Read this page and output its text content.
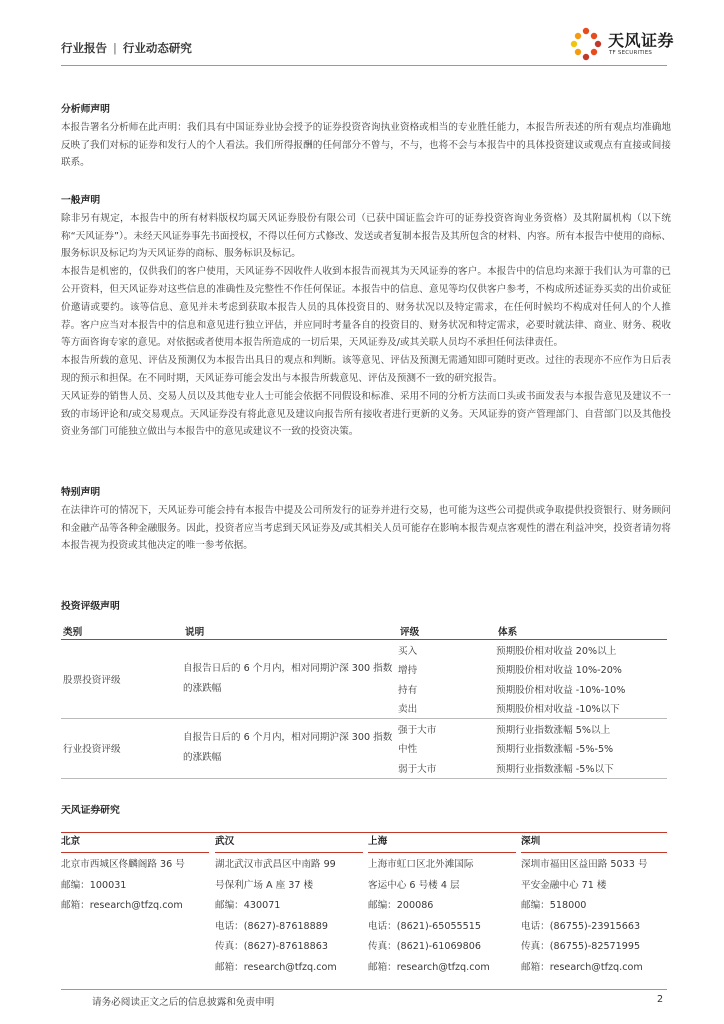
行业报告 | 行业动态研究	天风证券
TF SECURITIES
分析师声明

本报告署名分析师在此声明：我们具有中国证券业协会授予的证券投资咨询执业资格或相当的专业胜任能力，本报告所表述的所有观点均准确地反映了我们对标的证券和发行人的个人看法。我们所得报酬的任何部分不曾与，不与，也将不会与本报告中的具体投资建议或观点有直接或间接联系。

一般声明

除非另有规定，本报告中的所有材料版权均属天风证券股份有限公司（已获中国证监会许可的证券投资咨询业务资格）及其附属机构（以下统称“天风证券”）。未经天风证券事先书面授权，不得以任何方式修改、发送或者复制本报告及其所包含的材料、内容。所有本报告中使用的商标、服务标识及标记均为天风证券的商标、服务标识及标记。

本报告是机密的，仅供我们的客户使用，天风证券不因收件人收到本报告而视其为天风证券的客户。本报告中的信息均来源于我们认为可靠的已公开资料，但天风证券对这些信息的准确性及完整性不作任何保证。本报告中的信息、意见等均仅供客户参考，不构成所述证券买卖的出价或征价邀请或要约。该等信息、意见并未考虑到获取本报告人员的具体投资目的、财务状况以及特定需求，在任何时候均不构成对任何人的个人推荐。客户应当对本报告中的信息和意见进行独立评估，并应同时考量各自的投资目的、财务状况和特定需求，必要时就法律、商业、财务、税收等方面咨询专家的意见。对依据或者使用本报告所造成的一切后果，天风证券及/或其关联人员均不承担任何法律责任。

本报告所载的意见、评估及预测仅为本报告出具日的观点和判断。该等意见、评估及预测无需通知即可随时更改。过往的表现亦不应作为日后表现的预示和担保。在不同时期，天风证券可能会发出与本报告所载意见、评估及预测不一致的研究报告。

天风证券的销售人员、交易人员以及其他专业人士可能会依据不同假设和标准、采用不同的分析方法而口头或书面发表与本报告意见及建议不一致的市场评论和/或交易观点。天风证券没有将此意见及建议向报告所有接收者进行更新的义务。天风证券的资产管理部门、自营部门以及其他投资业务部门可能独立做出与本报告中的意见或建议不一致的投资决策。

特别声明

在法律许可的情况下，天风证券可能会持有本报告中提及公司所发行的证券并进行交易，也可能为这些公司提供或争取提供投资银行、财务顾问和金融产品等各种金融服务。因此，投资者应当考虑到天风证券及/或其相关人员可能存在影响本报告观点客观性的潜在利益冲突，投资者请勿将本报告视为投资或其他决定的唯一参考依据。

投资评级声明
类别	说明	评级	体系
股票投资评级	自报告日后的 6 个月内，相对同期沪深 300 指数的涨跌幅	买入	预期股价相对收益 20%以上
		增持	预期股价相对收益 10%-20%
		持有	预期股价相对收益 -10%-10%
		卖出	预期股价相对收益 -10%以下
行业投资评级	自报告日后的 6 个月内，相对同期沪深 300 指数的涨跌幅	强于大市	预期行业指数涨幅 5%以上
		中性	预期行业指数涨幅 -5%-5%
		弱于大市	预期行业指数涨幅 -5%以下
天风证券研究
北京
北京市西城区佟麟阁路 36 号
邮编：100031
邮箱：research@tfzq.com
武汉
湖北武汉市武昌区中南路 99
号保利广场 A 座 37 楼
邮编：430071
电话：(8627)-87618889
传真：(8627)-87618863
邮箱：research@tfzq.com
上海
上海市虹口区北外滩国际
客运中心 6 号楼 4 层
邮编：200086
电话：(8621)-65055515
传真：(8621)-61069806
邮箱：research@tfzq.com
深圳
深圳市福田区益田路 5033 号
平安金融中心 71 楼
邮编：518000
电话：(86755)-23915663
传真：(86755)-82571995
邮箱：research@tfzq.com
请务必阅读正文之后的信息披露和免责申明	2
